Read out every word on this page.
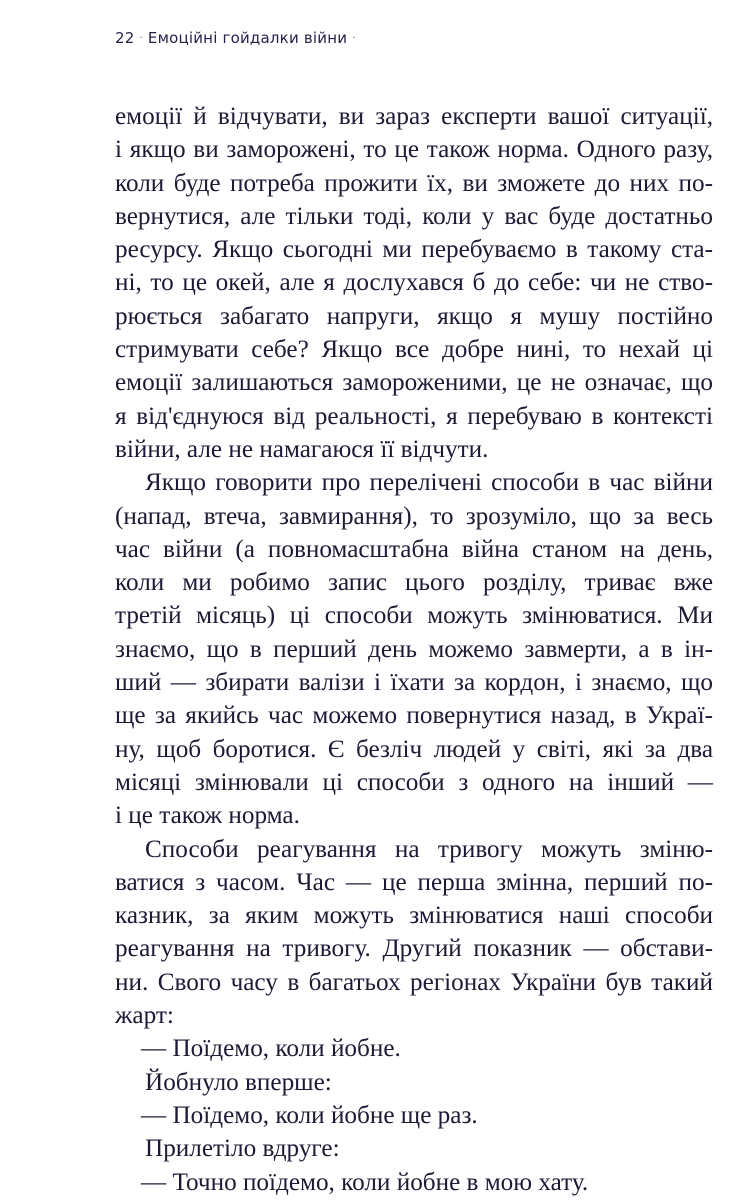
22 · Емоційні гойдалки війни ·
емоції й відчувати, ви зараз експерти вашої ситуації,
і якщо ви заморожені, то це також норма. Одного разу,
коли буде потреба прожити їх, ви зможете до них по-
вернутися, але тільки тоді, коли у вас буде достатньо
ресурсу. Якщо сьогодні ми перебуваємо в такому ста-
ні, то це окей, але я дослухався б до себе: чи не ство-
рюється забагато напруги, якщо я мушу постійно
стримувати себе? Якщо все добре нині, то нехай ці
емоції залишаються замороженими, це не означає, що
я від'єднуюся від реальності, я перебуваю в контексті
війни, але не намагаюся її відчути.
Якщо говорити про перелічені способи в час війни
(напад, втеча, завмирання), то зрозуміло, що за весь
час війни (а повномасштабна війна станом на день,
коли ми робимо запис цього розділу, триває вже
третій місяць) ці способи можуть змінюватися. Ми
знаємо, що в перший день можемо завмерти, а в ін-
ший — збирати валізи і їхати за кордон, і знаємо, що
ще за якийсь час можемо повернутися назад, в Украї-
ну, щоб боротися. Є безліч людей у світі, які за два
місяці змінювали ці способи з одного на інший —
і це також норма.
Способи реагування на тривогу можуть зміню-
ватися з часом. Час — це перша змінна, перший по-
казник, за яким можуть змінюватися наші способи
реагування на тривогу. Другий показник — обстави-
ни. Свого часу в багатьох регіонах України був такий
жарт:
— Поїдемо, коли йобне.
Йобнуло вперше:
— Поїдемо, коли йобне ще раз.
Прилетіло вдруге:
— Точно поїдемо, коли йобне в мою хату.
